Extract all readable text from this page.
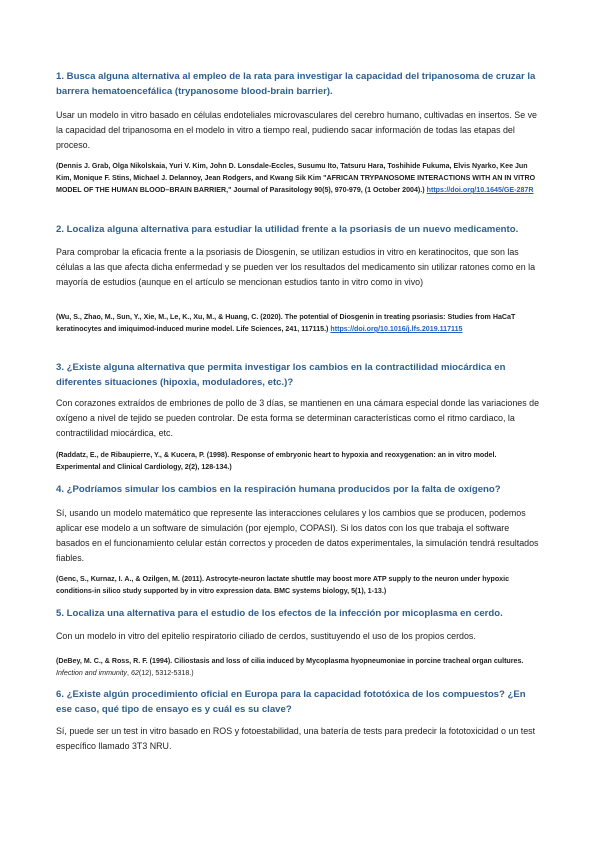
1. Busca alguna alternativa al empleo de la rata para investigar la capacidad del tripanosoma de cruzar la barrera hematoencefálica (trypanosome blood-brain barrier).

Usar un modelo in vitro basado en células endoteliales microvasculares del cerebro humano, cultivadas en insertos. Se ve la capacidad del tripanosoma en el modelo in vitro a tiempo real, pudiendo sacar información de todas las etapas del proceso.

(Dennis J. Grab, Olga Nikolskaia, Yuri V. Kim, John D. Lonsdale-Eccles, Susumu Ito, Tatsuru Hara, Toshihide Fukuma, Elvis Nyarko, Kee Jun Kim, Monique F. Stins, Michael J. Delannoy, Jean Rodgers, and Kwang Sik Kim "AFRICAN TRYPANOSOME INTERACTIONS WITH AN IN VITRO MODEL OF THE HUMAN BLOOD–BRAIN BARRIER," Journal of Parasitology 90(5), 970-979, (1 October 2004).) https://doi.org/10.1645/GE-287R

2. Localiza alguna alternativa para estudiar la utilidad frente a la psoriasis de un nuevo medicamento.

Para comprobar la eficacia frente a la psoriasis de Diosgenin, se utilizan estudios in vitro en keratinocitos, que son las células a las que afecta dicha enfermedad y se pueden ver los resultados del medicamento sin utilizar ratones como en la mayoría de estudios (aunque en el artículo se mencionan estudios tanto in vitro como in vivo)

(Wu, S., Zhao, M., Sun, Y., Xie, M., Le, K., Xu, M., & Huang, C. (2020). The potential of Diosgenin in treating psoriasis: Studies from HaCaT keratinocytes and imiquimod-induced murine model. Life Sciences, 241, 117115.) https://doi.org/10.1016/j.lfs.2019.117115

3. ¿Existe alguna alternativa que permita investigar los cambios en la contractilidad miocárdica en diferentes situaciones (hipoxia, moduladores, etc.)?

Con corazones extraídos de embriones de pollo de 3 días, se mantienen en una cámara especial donde las variaciones de oxígeno a nivel de tejido se pueden controlar. De esta forma se determinan características como el ritmo cardiaco, la contractilidad miocárdica, etc.

(Raddatz, E., de Ribaupierre, Y., & Kucera, P. (1998). Response of embryonic heart to hypoxia and reoxygenation: an in vitro model. Experimental and Clinical Cardiology, 2(2), 128-134.)

4. ¿Podríamos simular los cambios en la respiración humana producidos por la falta de oxígeno?

Sí, usando un modelo matemático que represente las interacciones celulares y los cambios que se producen, podemos aplicar ese modelo a un software de simulación (por ejemplo, COPASI). Si los datos con los que trabaja el software basados en el funcionamiento celular están correctos y proceden de datos experimentales, la simulación tendrá resultados fiables.

(Genc, S., Kurnaz, I. A., & Ozilgen, M. (2011). Astrocyte-neuron lactate shuttle may boost more ATP supply to the neuron under hypoxic conditions-in silico study supported by in vitro expression data. BMC systems biology, 5(1), 1-13.)

5. Localiza una alternativa para el estudio de los efectos de la infección por micoplasma en cerdo.

Con un modelo in vitro del epitelio respiratorio ciliado de cerdos, sustituyendo el uso de los propios cerdos.

(DeBey, M. C., & Ross, R. F. (1994). Ciliostasis and loss of cilia induced by Mycoplasma hyopneumoniae in porcine tracheal organ cultures. Infection and immunity, 62(12), 5312-5318.)

6. ¿Existe algún procedimiento oficial en Europa para la capacidad fototóxica de los compuestos? ¿En ese caso, qué tipo de ensayo es y cuál es su clave?

Sí, puede ser un test in vitro basado en ROS y fotoestabilidad, una batería de tests para predecir la fototoxicidad o un test específico llamado 3T3 NRU.
